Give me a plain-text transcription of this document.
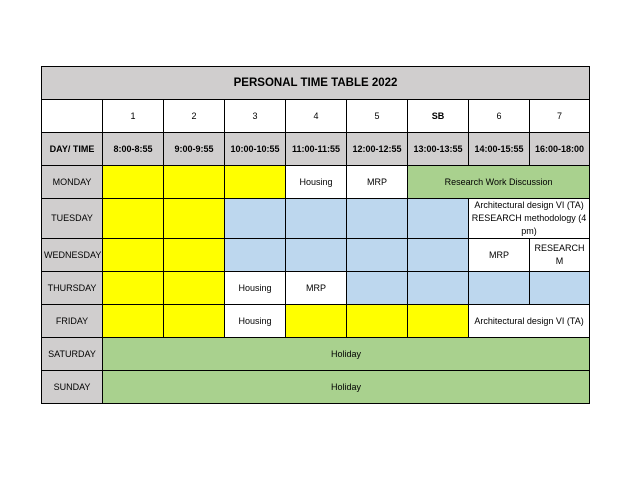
PERSONAL TIME TABLE 2022								
	1	2	3	4	5	SB	6	7
DAY/ TIME	8:00-8:55	9:00-9:55	10:00-10:55	11:00-11:55	12:00-12:55	13:00-13:55	14:00-15:55	16:00-18:00
MONDAY				Housing	MRP	Research Work Discussion		
TUESDAY							Architectural design VI (TA)
RESEARCH methodology (4 pm)	

WEDNESDAY							MRP	RESEARCH M
THURSDAY			Housing	MRP				
FRIDAY			Housing				Architectural design VI (TA)	
SATURDAY	Holiday							
SUNDAY	Holiday							
